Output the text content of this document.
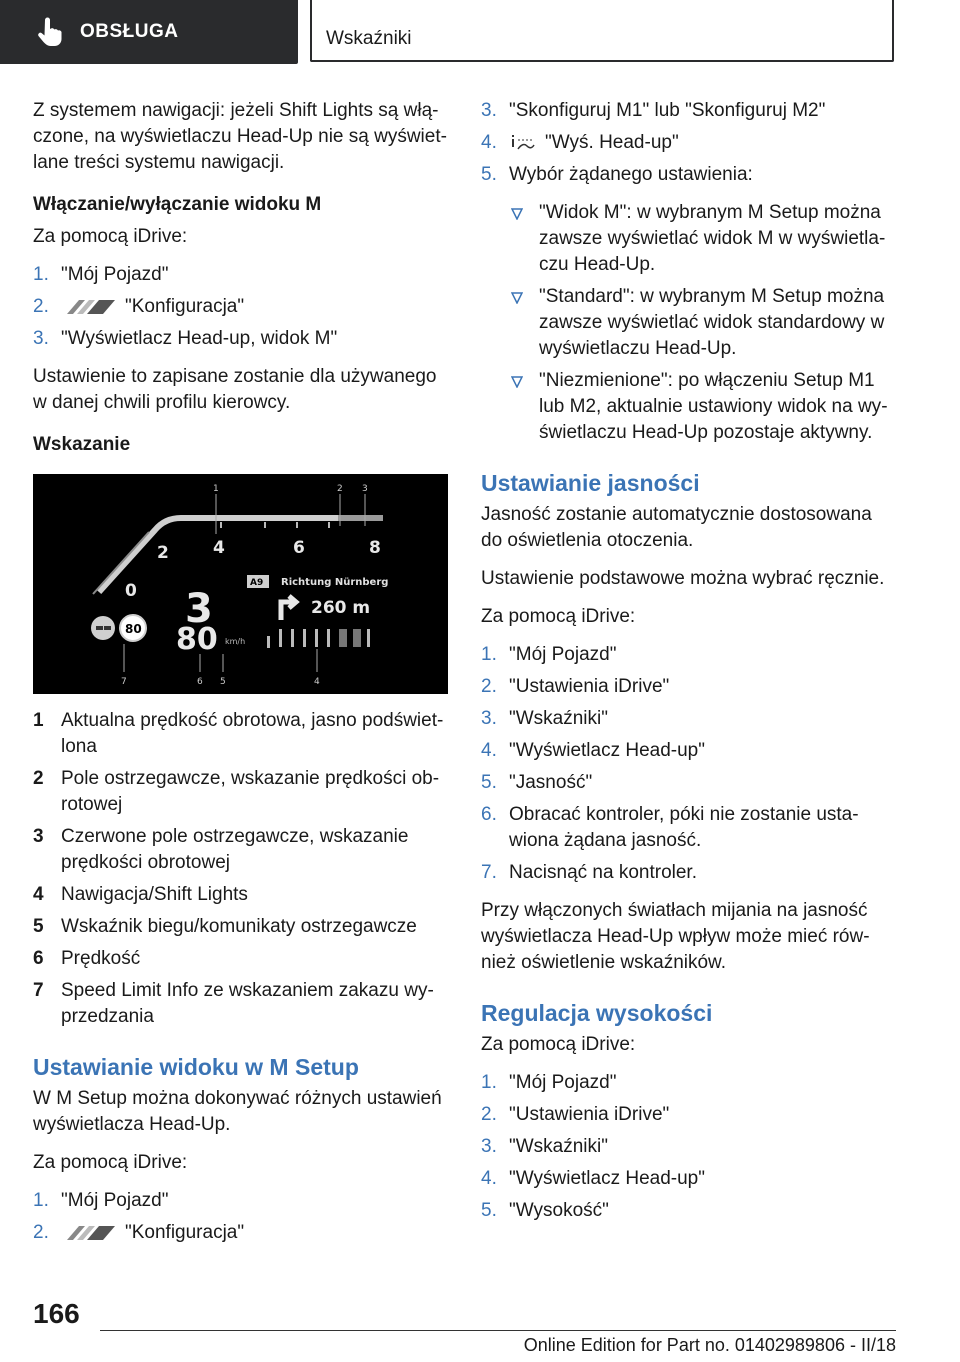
OBSŁUGA	Wskaźniki

Z systemem nawigacji: jeżeli Shift Lights są włączone, na wyświetlaczu Head-Up nie są wyświetlane treści systemu nawigacji.

Włączanie/wyłączanie widoku M

Za pomocą iDrive:

1. "Mój Pojazd"
2.	"Konfiguracja"
3. "Wyświetlacz Head-up, widok M"

Ustawienie to zapisane zostanie dla używanego w danej chwili profilu kierowcy.

Wskazanie
0
2	4	6	8
1	2 3
80 3
80 km/h
A9 Richtung Nürnberg
260 m
7	6 5	4
1 Aktualna prędkość obrotowa, jasno podświetlona
2 Pole ostrzegawcze, wskazanie prędkości obrotowej
3 Czerwone pole ostrzegawcze, wskazanie prędkości obrotowej
4 Nawigacja/Shift Lights
5 Wskaźnik biegu/komunikaty ostrzegawcze
6 Prędkość
7 Speed Limit Info ze wskazaniem zakazu wyprzedzania
Ustawianie widoku w M Setup

W M Setup można dokonywać różnych ustawień wyświetlacza Head-Up.

Za pomocą iDrive:

1. "Mój Pojazd"
2.	"Konfiguracja"
3. "Skonfiguruj M1" lub "Skonfiguruj M2"
4.	"Wyś. Head-up"
5. Wybór żądanego ustawienia:
"Widok M": w wybranym M Setup można zawsze wyświetlać widok M w wyświetlaczu Head-Up.
"Standard": w wybranym M Setup można zawsze wyświetlać widok standardowy w wyświetlaczu Head-Up.
"Niezmienione": po włączeniu Setup M1 lub M2, aktualnie ustawiony widok na wyświetlaczu Head-Up pozostaje aktywny.
Ustawianie jasności

Jasność zostanie automatycznie dostosowana do oświetlenia otoczenia.

Ustawienie podstawowe można wybrać ręcznie.

Za pomocą iDrive:

1. "Mój Pojazd"
2. "Ustawienia iDrive"
3. "Wskaźniki"
4. "Wyświetlacz Head-up"
5. "Jasność"
6. Obracać kontroler, póki nie zostanie ustawiona żądana jasność.
7. Nacisnąć na kontroler.

Przy włączonych światłach mijania na jasność wyświetlacza Head-Up wpływ może mieć również oświetlenie wskaźników.

Regulacja wysokości

Za pomocą iDrive:

1. "Mój Pojazd"
2. "Ustawienia iDrive"
3. "Wskaźniki"
4. "Wyświetlacz Head-up"
5. "Wysokość"
166
Online Edition for Part no. 01402989806 - II/18
